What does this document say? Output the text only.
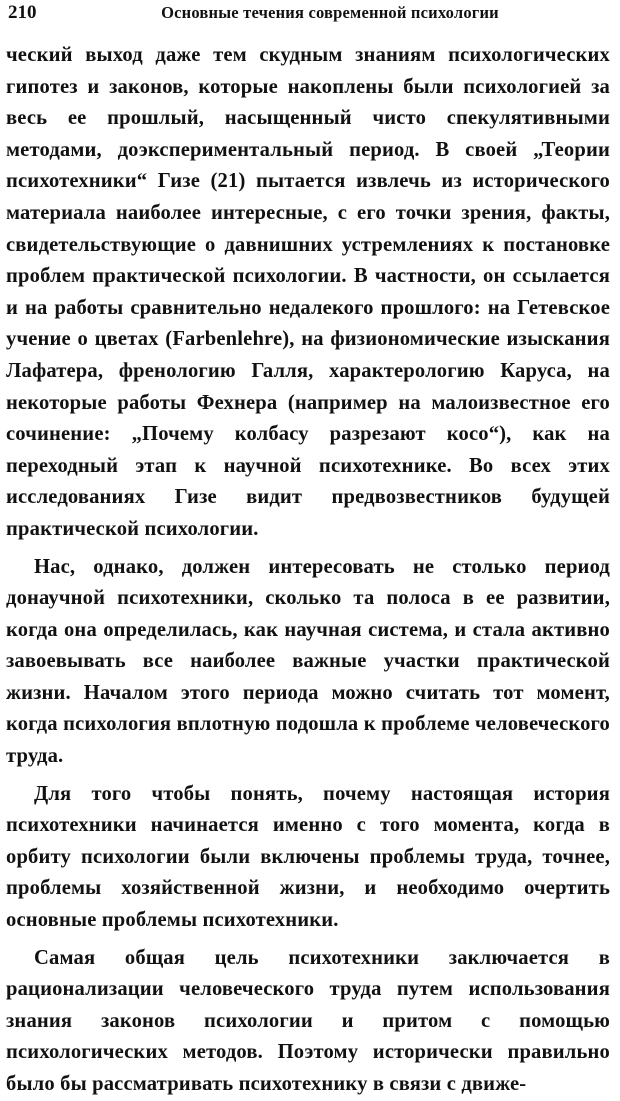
210	Основные течения современной психологии

ческий выход даже тем скудным знаниям психологических гипотез и законов, которые накоплены были психологией за весь ее прошлый, насыщенный чисто спекулятивными методами, доэкспериментальный период. В своей „Теории психотехники“ Гизе (21) пытается извлечь из исторического материала наиболее интересные, с его точки зрения, факты, свидетельствующие о давнишних устремлениях к постановке проблем практической психологии. В частности, он ссылается и на работы сравнительно недалекого прошлого: на Гетевское учение о цветах (Farbenlehre), на физиономические изыскания Лафатера, френологию Галля, характерологию Каруса, на некоторые работы Фехнера (например на малоизвестное его сочинение: „Почему колбасу разрезают косо“), как на переходный этап к научной психотехнике. Во всех этих исследованиях Гизе видит предвозвестников будущей практической психологии.

Нас, однако, должен интересовать не столько период донаучной психотехники, сколько та полоса в ее развитии, когда она определилась, как научная система, и стала активно завоевывать все наиболее важные участки практической жизни. Началом этого периода можно считать тот момент, когда психология вплотную подошла к проблеме человеческого труда.

Для того чтобы понять, почему настоящая история психотехники начинается именно с того момента, когда в орбиту психологии были включены проблемы труда, точнее, проблемы хозяйственной жизни, и необходимо очертить основные проблемы психотехники.

Самая общая цель психотехники заключается в рационализации человеческого труда путем использования знания законов психологии и притом с помощью психологических методов. Поэтому исторически правильно было бы рассматривать психотехнику в связи с движе-
